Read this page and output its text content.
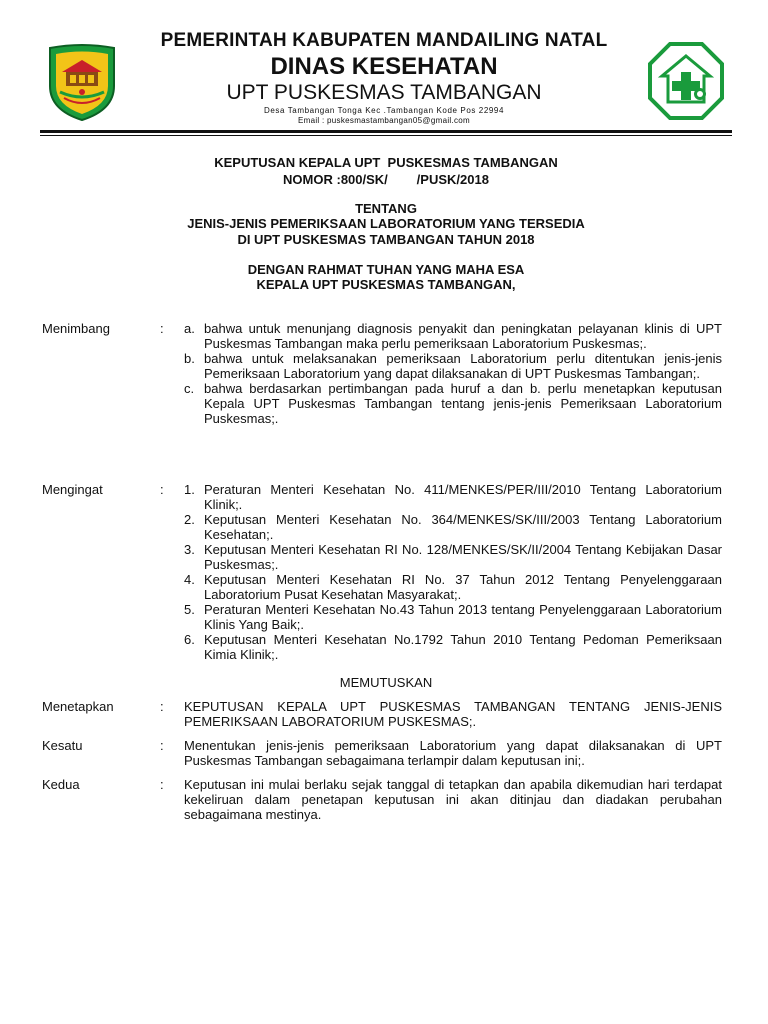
PEMERINTAH KABUPATEN MANDAILING NATAL
DINAS KESEHATAN
UPT PUSKESMAS TAMBANGAN
Desa Tambangan Tonga Kec .Tambangan Kode Pos 22994
Email : puskesmastambangan05@gmail.com
KEPUTUSAN KEPALA UPT  PUSKESMAS TAMBANGAN
NOMOR :800/SK/        /PUSK/2018
TENTANG
JENIS-JENIS PEMERIKSAAN LABORATORIUM YANG TERSEDIA
DI UPT PUSKESMAS TAMBANGAN TAHUN 2018
DENGAN RAHMAT TUHAN YANG MAHA ESA
KEPALA UPT PUSKESMAS TAMBANGAN,
Menimbang	: a. bahwa untuk menunjang diagnosis penyakit dan peningkatan pelayanan klinis di UPT Puskesmas Tambangan maka perlu pemeriksaan Laboratorium Puskesmas;.
b. bahwa untuk melaksanakan pemeriksaan Laboratorium perlu ditentukan jenis-jenis Pemeriksaan Laboratorium yang dapat dilaksanakan di UPT Puskesmas Tambangan;.
c. bahwa berdasarkan pertimbangan pada huruf a dan b. perlu menetapkan keputusan Kepala UPT Puskesmas Tambangan tentang jenis-jenis Pemeriksaan Laboratorium Puskesmas;.
Mengingat	: 1. Peraturan Menteri Kesehatan No. 411/MENKES/PER/III/2010 Tentang Laboratorium Klinik;.
2. Keputusan Menteri Kesehatan No. 364/MENKES/SK/III/2003 Tentang Laboratorium Kesehatan;.
3. Keputusan Menteri Kesehatan RI No. 128/MENKES/SK/II/2004 Tentang Kebijakan Dasar Puskesmas;.
4. Keputusan Menteri Kesehatan RI No. 37 Tahun 2012 Tentang Penyelenggaraan Laboratorium Pusat Kesehatan Masyarakat;.
5. Peraturan Menteri Kesehatan No.43 Tahun 2013 tentang Penyelenggaraan Laboratorium Klinis Yang Baik;.
6. Keputusan Menteri Kesehatan No.1792 Tahun 2010 Tentang Pedoman Pemeriksaan Kimia Klinik;.
MEMUTUSKAN
Menetapkan	: KEPUTUSAN KEPALA UPT PUSKESMAS TAMBANGAN TENTANG JENIS-JENIS PEMERIKSAAN LABORATORIUM PUSKESMAS;.
Kesatu	: Menentukan jenis-jenis pemeriksaan Laboratorium yang dapat dilaksanakan di UPT Puskesmas Tambangan sebagaimana terlampir dalam keputusan ini;.
Kedua	: Keputusan ini mulai berlaku sejak tanggal di tetapkan dan apabila dikemudian hari terdapat kekeliruan dalam penetapan keputusan ini akan ditinjau dan diadakan perubahan sebagaimana mestinya.
